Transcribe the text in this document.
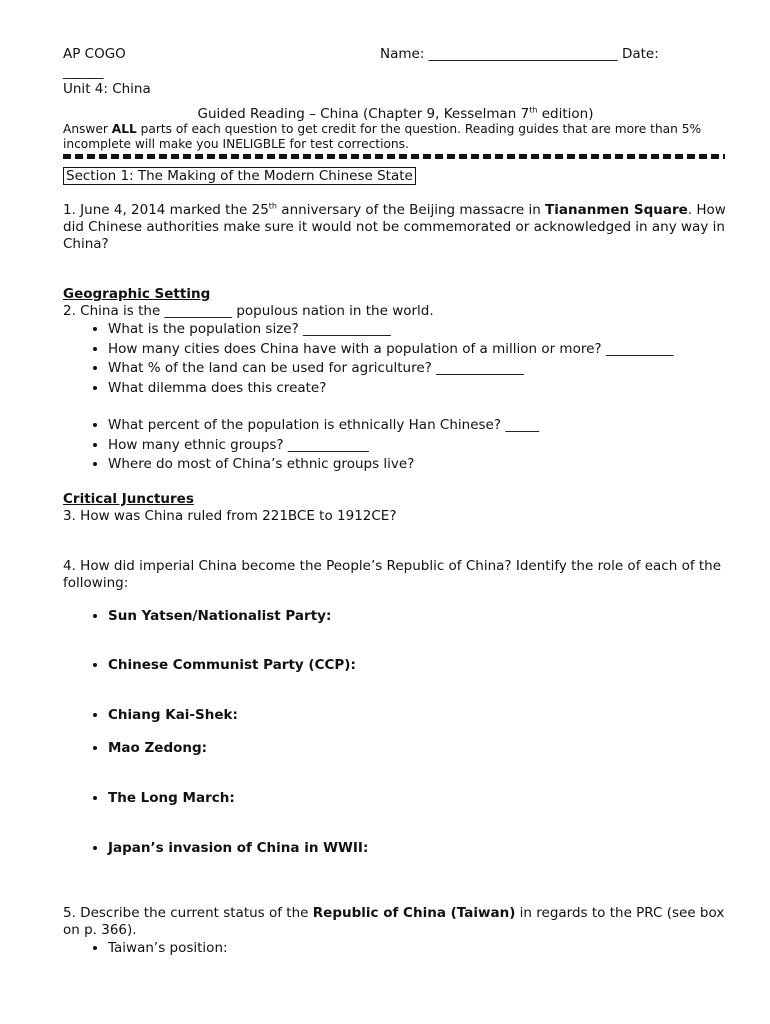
AP COGO	Name: ____________________________ Date:
______
Unit 4: China
Guided Reading – China (Chapter 9, Kesselman 7th edition)
Answer ALL parts of each question to get credit for the question. Reading guides that are more than 5% incomplete will make you INELIGBLE for test corrections.
Section 1: The Making of the Modern Chinese State
1. June 4, 2014 marked the 25th anniversary of the Beijing massacre in Tiananmen Square. How did Chinese authorities make sure it would not be commemorated or acknowledged in any way in China?
Geographic Setting
2. China is the __________ populous nation in the world.
• What is the population size? _____________
• How many cities does China have with a population of a million or more? __________
• What % of the land can be used for agriculture? _____________
• What dilemma does this create?
• What percent of the population is ethnically Han Chinese? _____
• How many ethnic groups? ____________
• Where do most of China’s ethnic groups live?
Critical Junctures
3. How was China ruled from 221BCE to 1912CE?
4. How did imperial China become the People’s Republic of China? Identify the role of each of the following:
• Sun Yatsen/Nationalist Party:
• Chinese Communist Party (CCP):
• Chiang Kai-Shek:
• Mao Zedong:
• The Long March:
• Japan’s invasion of China in WWII:
5. Describe the current status of the Republic of China (Taiwan) in regards to the PRC (see box on p. 366).
• Taiwan’s position:
